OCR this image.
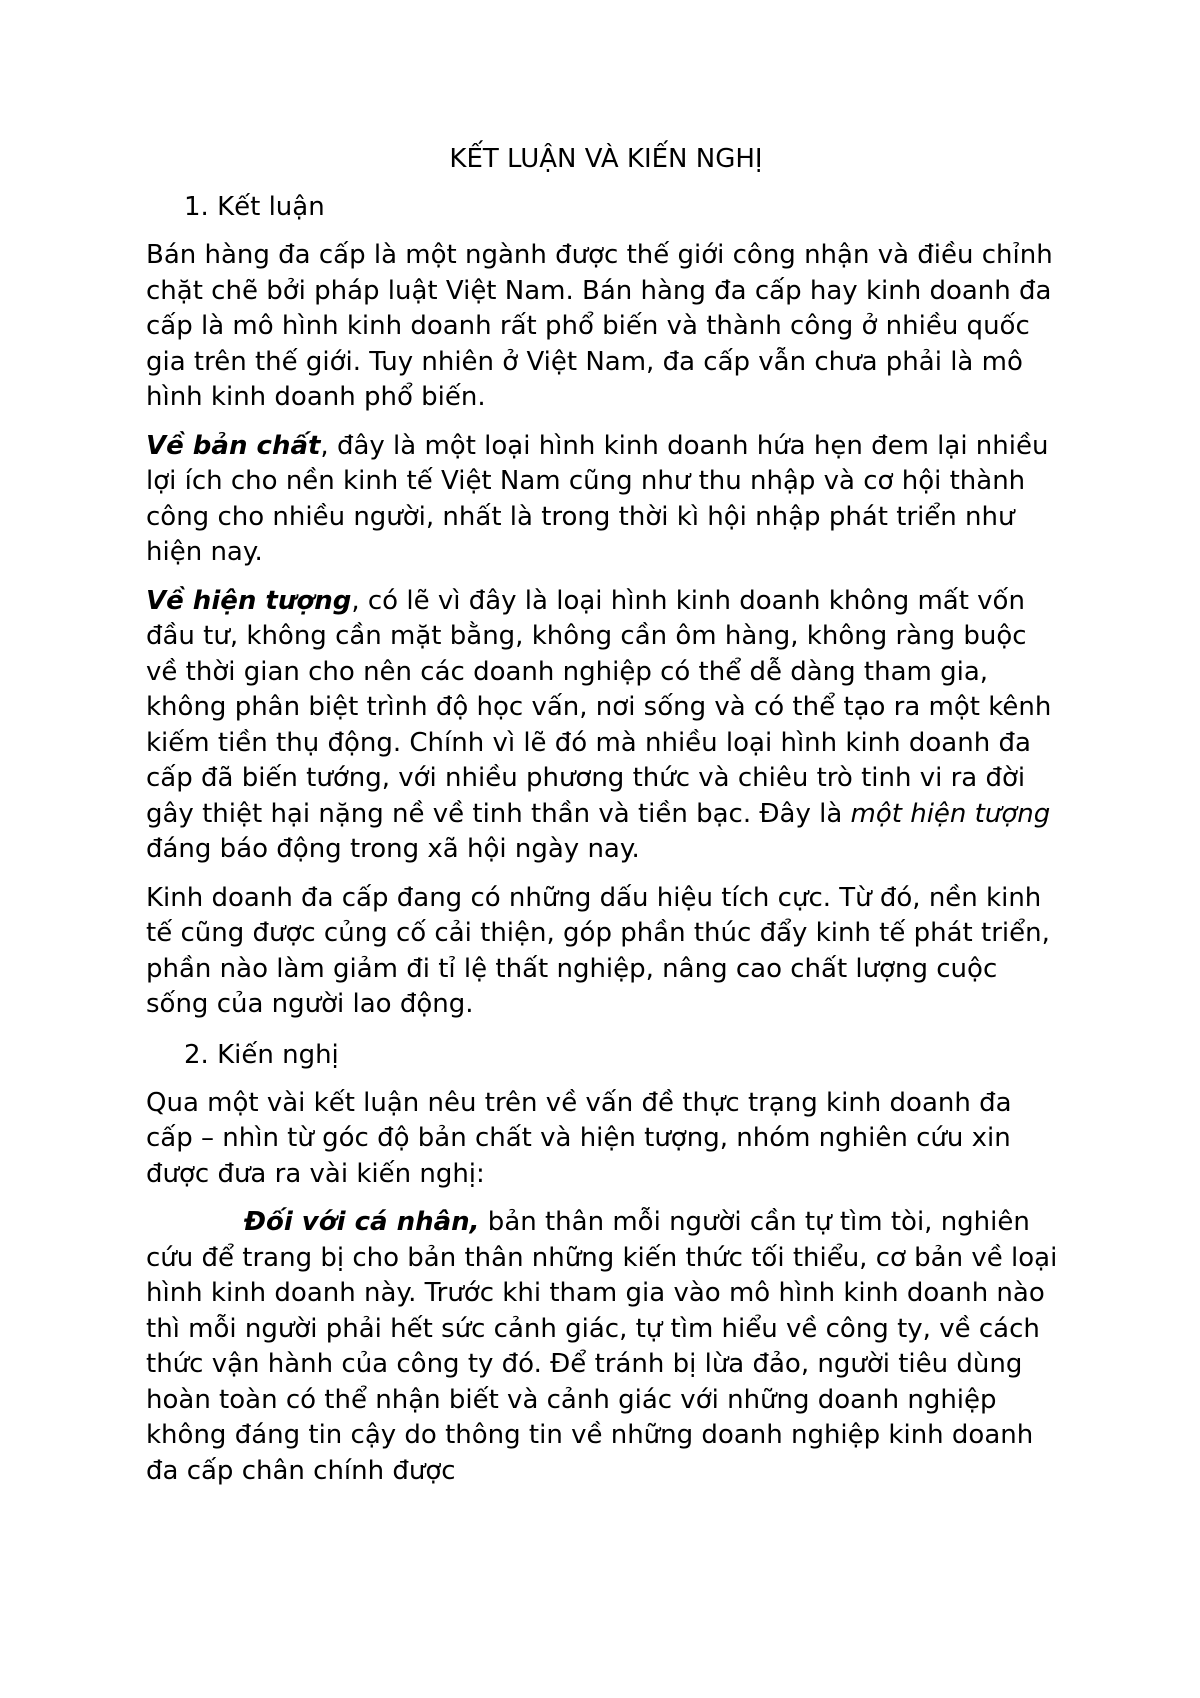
KẾT LUẬN VÀ KIẾN NGHỊ
1. Kết luận

Bán hàng đa cấp là một ngành được thế giới công nhận và điều chỉnh chặt chẽ bởi pháp luật Việt Nam. Bán hàng đa cấp hay kinh doanh đa cấp là mô hình kinh doanh rất phổ biến và thành công ở nhiều quốc gia trên thế giới. Tuy nhiên ở Việt Nam, đa cấp vẫn chưa phải là mô hình kinh doanh phổ biến.

Về bản chất, đây là một loại hình kinh doanh hứa hẹn đem lại nhiều lợi ích cho nền kinh tế Việt Nam cũng như thu nhập và cơ hội thành công cho nhiều người, nhất là trong thời kì hội nhập phát triển như hiện nay.

Về hiện tượng, có lẽ vì đây là loại hình kinh doanh không mất vốn đầu tư, không cần mặt bằng, không cần ôm hàng, không ràng buộc về thời gian cho nên các doanh nghiệp có thể dễ dàng tham gia, không phân biệt trình độ học vấn, nơi sống và có thể tạo ra một kênh kiếm tiền thụ động. Chính vì lẽ đó mà nhiều loại hình kinh doanh đa cấp đã biến tướng, với nhiều phương thức và chiêu trò tinh vi ra đời gây thiệt hại nặng nề về tinh thần và tiền bạc. Đây là một hiện tượng đáng báo động trong xã hội ngày nay.

Kinh doanh đa cấp đang có những dấu hiệu tích cực. Từ đó, nền kinh tế cũng được củng cố cải thiện, góp phần thúc đẩy kinh tế phát triển, phần nào làm giảm đi tỉ lệ thất nghiệp, nâng cao chất lượng cuộc sống của người lao động.

2. Kiến nghị

Qua một vài kết luận nêu trên về vấn đề thực trạng kinh doanh đa cấp – nhìn từ góc độ bản chất và hiện tượng, nhóm nghiên cứu xin được đưa ra vài kiến nghị:

Đối với cá nhân, bản thân mỗi người cần tự tìm tòi, nghiên cứu để trang bị cho bản thân những kiến thức tối thiểu, cơ bản về loại hình kinh doanh này. Trước khi tham gia vào mô hình kinh doanh nào thì mỗi người phải hết sức cảnh giác, tự tìm hiểu về công ty, về cách thức vận hành của công ty đó. Để tránh bị lừa đảo, người tiêu dùng hoàn toàn có thể nhận biết và cảnh giác với những doanh nghiệp không đáng tin cậy do thông tin về những doanh nghiệp kinh doanh đa cấp chân chính được
